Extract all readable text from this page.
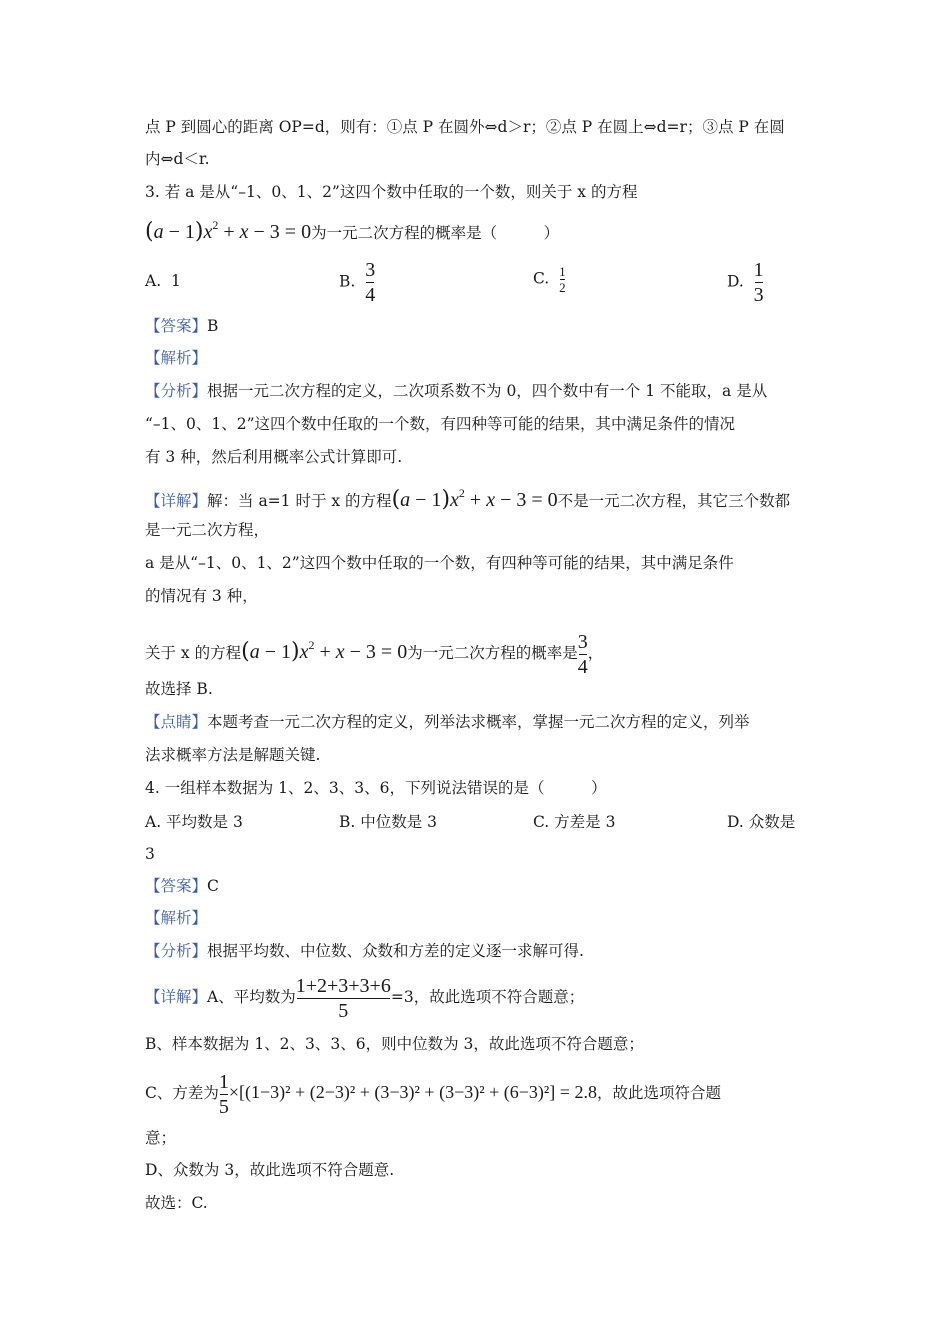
点 P 到圆心的距离 OP=d，则有：①点 P 在圆外⇔d＞r；②点 P 在圆上⇔d=r；③点 P 在圆
内⇔d＜r.
3. 若 a 是从“–1、0、1、2”这四个数中任取的一个数，则关于 x 的方程
$(a - 1)x^2 + x - 3 = 0$为一元二次方程的概率是（　　　）
A. 1	B. $\frac{3}{4}$	C. $\frac{1}{2}$	D. $\frac{1}{3}$
【答案】B
【解析】
【分析】根据一元二次方程的定义，二次项系数不为 0，四个数中有一个 1 不能取，a 是从
“–1、0、1、2”这四个数中任取的一个数，有四种等可能的结果，其中满足条件的情况
有 3 种，然后利用概率公式计算即可.
【详解】解：当 a=1 时于 x 的方程$(a - 1)x^2 + x - 3 = 0$不是一元二次方程，其它三个数都
是一元二次方程，
a 是从“–1、0、1、2”这四个数中任取的一个数，有四种等可能的结果，其中满足条件
的情况有 3 种，
关于 x 的方程$(a - 1)x^2 + x - 3 = 0$为一元二次方程的概率是 $\frac{3}{4}$ ，
故选择 B.
【点睛】本题考查一元二次方程的定义，列举法求概率，掌握一元二次方程的定义，列举
法求概率方法是解题关键.
4. 一组样本数据为 1、2、3、3、6，下列说法错误的是（　　　）
A. 平均数是 3	B. 中位数是 3	C. 方差是 3	D. 众数是
3
【答案】C
【解析】
【分析】根据平均数、中位数、众数和方差的定义逐一求解可得.
【详解】A、平均数为 $\frac{1+2+3+3+6}{5} =3$，故此选项不符合题意；
B、样本数据为 1、2、3、3、6，则中位数为 3，故此选项不符合题意；
C、方差为 $\frac{1}{5} \times[(1-3)^2 + (2-3)^2 + (3-3)^2 + (3-3)^2 + (6-3)^2] = 2.8$，故此选项符合题
意；
D、众数为 3，故此选项不符合题意.
故选：C.
